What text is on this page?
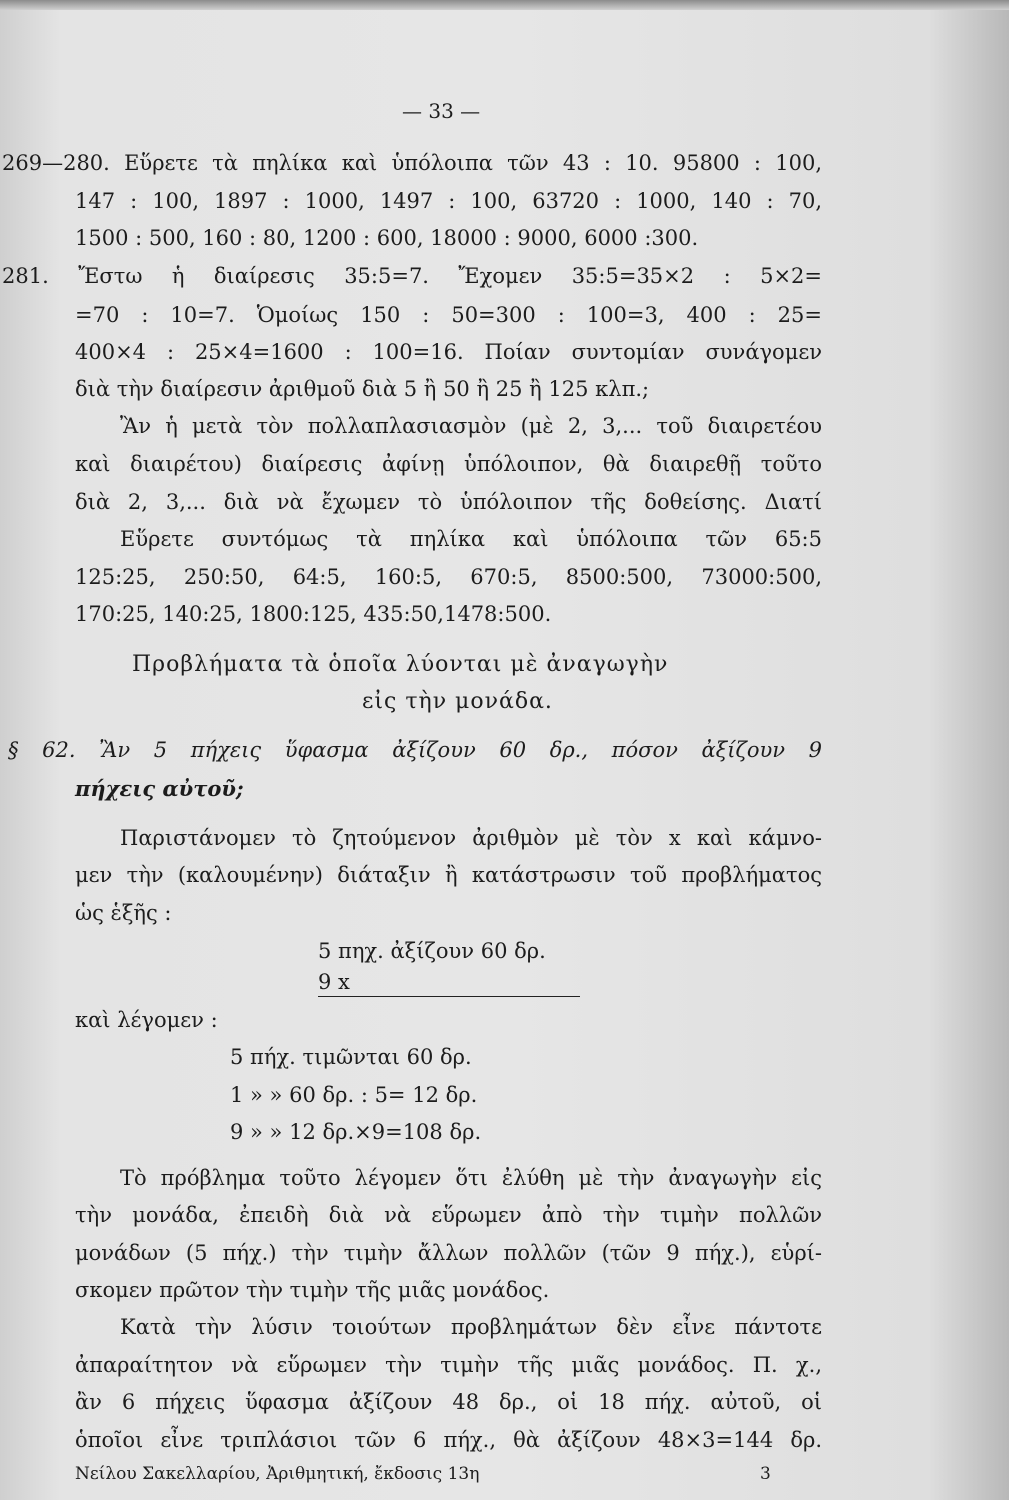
— 33 —
269—280. Εὕρετε τὰ πηλίκα καὶ ὑπόλοιπα τῶν 43 : 10. 95800 : 100,
147 : 100, 1897 : 1000, 1497 : 100, 63720 : 1000, 140 : 70,
1500 : 500, 160 : 80, 1200 : 600, 18000 : 9000, 6000 :300.
281. Ἔστω ἡ διαίρεσις 35:5=7. Ἔχομεν 35:5=35×2 : 5×2=
=70 : 10=7. Ὁμοίως 150 : 50=300 : 100=3, 400 : 25=
400×4 : 25×4=1600 : 100=16. Ποίαν συντομίαν συνάγομεν
διὰ τὴν διαίρεσιν ἀριθμοῦ διὰ 5 ἢ 50 ἢ 25 ἢ 125 κλπ.;
Ἂν ἡ μετὰ τὸν πολλαπλασιασμὸν (μὲ 2, 3,... τοῦ διαιρετέου
καὶ διαιρέτου) διαίρεσις ἀφίνῃ ὑπόλοιπον, θὰ διαιρεθῇ τοῦτο
διὰ 2, 3,... διὰ νὰ ἔχωμεν τὸ ὑπόλοιπον τῆς δοθείσης. Διατί
Εὕρετε συντόμως τὰ πηλίκα καὶ ὑπόλοιπα τῶν 65:5
125:25, 250:50, 64:5, 160:5, 670:5, 8500:500, 73000:500,
170:25, 140:25, 1800:125, 435:50,1478:500.
Προβλήματα τὰ ὁποῖα λύονται μὲ ἀναγωγὴν
εἰς τὴν μονάδα.
§ 62. Ἂν 5 πήχεις ὕφασμα ἀξίζουν 60 δρ., πόσον ἀξίζουν 9
πήχεις αὐτοῦ;
Παριστάνομεν τὸ ζητούμενον ἀριθμὸν μὲ τὸν x καὶ κάμνο-
μεν τὴν (καλουμένην) διάταξιν ἢ κατάστρωσιν τοῦ προβλήματος
ὡς ἑξῆς :
5 πηχ. ἀξίζουν 60 δρ.
9 x
καὶ λέγομεν :
5 πήχ. τιμῶνται 60 δρ.
1 » » 60 δρ. : 5= 12 δρ.
9 » » 12 δρ.×9=108 δρ.
Τὸ πρόβλημα τοῦτο λέγομεν ὅτι ἐλύθη μὲ τὴν ἀναγωγὴν εἰς
τὴν μονάδα, ἐπειδὴ διὰ νὰ εὕρωμεν ἀπὸ τὴν τιμὴν πολλῶν
μονάδων (5 πήχ.) τὴν τιμὴν ἄλλων πολλῶν (τῶν 9 πήχ.), εὑρί-
σκομεν πρῶτον τὴν τιμὴν τῆς μιᾶς μονάδος.
Κατὰ τὴν λύσιν τοιούτων προβλημάτων δὲν εἶνε πάντοτε
ἀπαραίτητον νὰ εὕρωμεν τὴν τιμὴν τῆς μιᾶς μονάδος. Π. χ.,
ἂν 6 πήχεις ὕφασμα ἀξίζουν 48 δρ., οἱ 18 πήχ. αὐτοῦ, οἱ
ὁποῖοι εἶνε τριπλάσιοι τῶν 6 πήχ., θὰ ἀξίζουν 48×3=144 δρ.
Νείλου Σακελλαρίου, Ἀριθμητική, ἔκδοσις 13η	3
